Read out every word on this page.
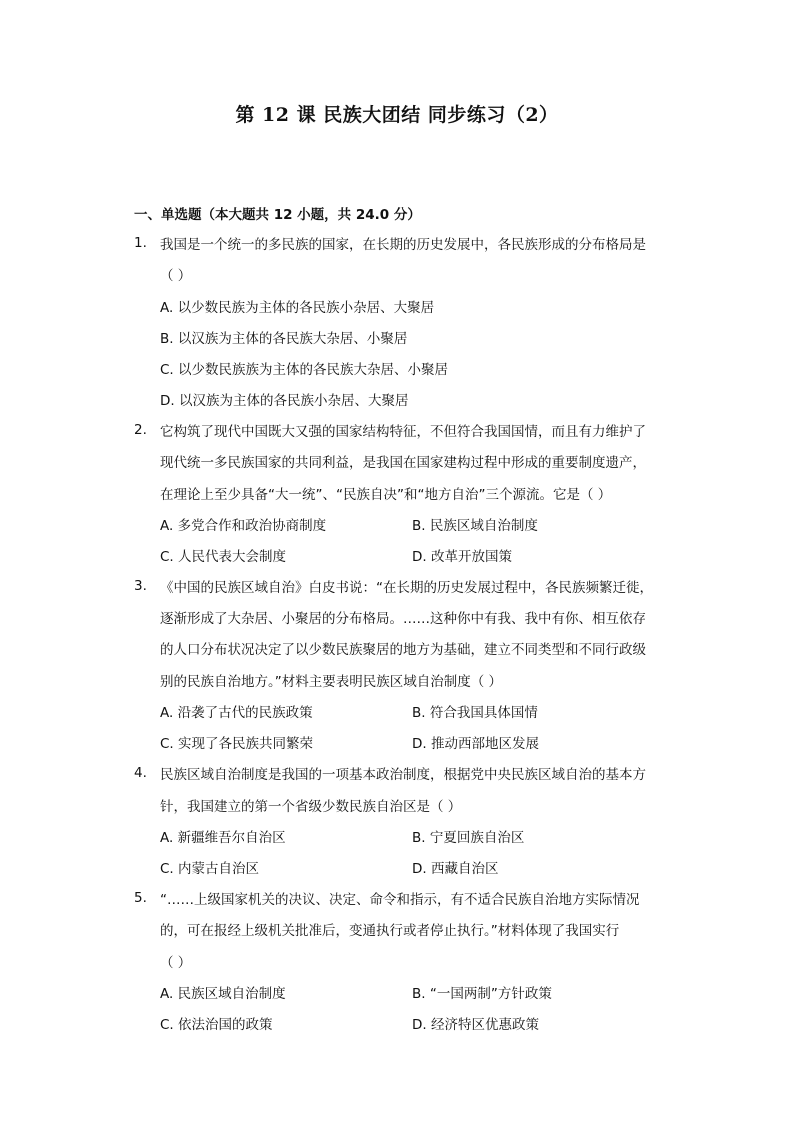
第 12 课 民族大团结 同步练习（2）
一、单选题（本大题共 12 小题，共 24.0 分）
1. 我国是一个统一的多民族的国家，在长期的历史发展中，各民族形成的分布格局是
（ ）
A. 以少数民族为主体的各民族小杂居、大聚居
B. 以汉族为主体的各民族大杂居、小聚居
C. 以少数民族族为主体的各民族大杂居、小聚居
D. 以汉族为主体的各民族小杂居、大聚居
2. 它构筑了现代中国既大又强的国家结构特征，不但符合我国国情，而且有力维护了
现代统一多民族国家的共同利益，是我国在国家建构过程中形成的重要制度遗产，
在理论上至少具备“大一统”、“民族自决”和“地方自治”三个源流。它是（ ）
A. 多党合作和政治协商制度	B. 民族区域自治制度
C. 人民代表大会制度	D. 改革开放国策
3. 《中国的民族区域自治》白皮书说：“在长期的历史发展过程中，各民族频繁迁徙，
逐渐形成了大杂居、小聚居的分布格局。……这种你中有我、我中有你、相互依存
的人口分布状况决定了以少数民族聚居的地方为基础，建立不同类型和不同行政级
别的民族自治地方。”材料主要表明民族区域自治制度（ ）
A. 沿袭了古代的民族政策	B. 符合我国具体国情
C. 实现了各民族共同繁荣	D. 推动西部地区发展
4. 民族区域自治制度是我国的一项基本政治制度，根据党中央民族区域自治的基本方
针，我国建立的第一个省级少数民族自治区是（ ）
A. 新疆维吾尔自治区	B. 宁夏回族自治区
C. 内蒙古自治区	D. 西藏自治区
5. “……上级国家机关的决议、决定、命令和指示，有不适合民族自治地方实际情况
的，可在报经上级机关批准后，变通执行或者停止执行。”材料体现了我国实行
（ ）
A. 民族区域自治制度	B. “一国两制”方针政策
C. 依法治国的政策	D. 经济特区优惠政策
